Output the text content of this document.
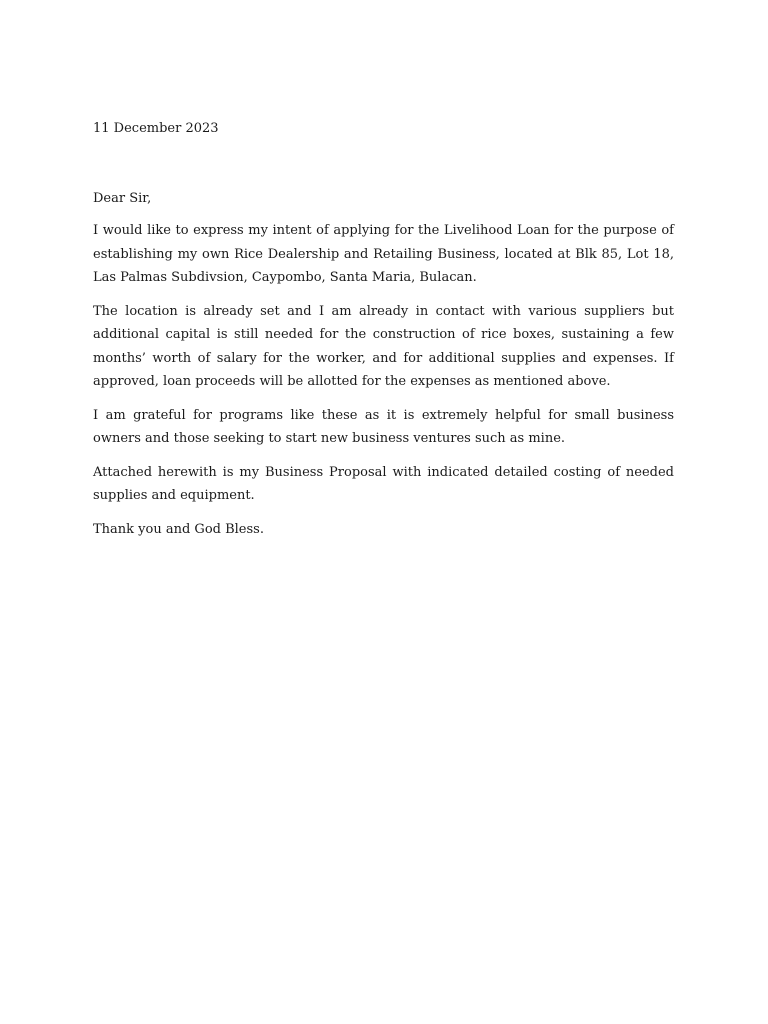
11 December 2023

Dear Sir,

I would like to express my intent of applying for the Livelihood Loan for the purpose of establishing my own Rice Dealership and Retailing Business, located at Blk 85, Lot 18, Las Palmas Subdivsion, Caypombo, Santa Maria, Bulacan.

The location is already set and I am already in contact with various suppliers but additional capital is still needed for the construction of rice boxes, sustaining a few months’ worth of salary for the worker, and for additional supplies and expenses. If approved, loan proceeds will be allotted for the expenses as mentioned above.

I am grateful for programs like these as it is extremely helpful for small business owners and those seeking to start new business ventures such as mine.

Attached herewith is my Business Proposal with indicated detailed costing of needed supplies and equipment.

Thank you and God Bless.
